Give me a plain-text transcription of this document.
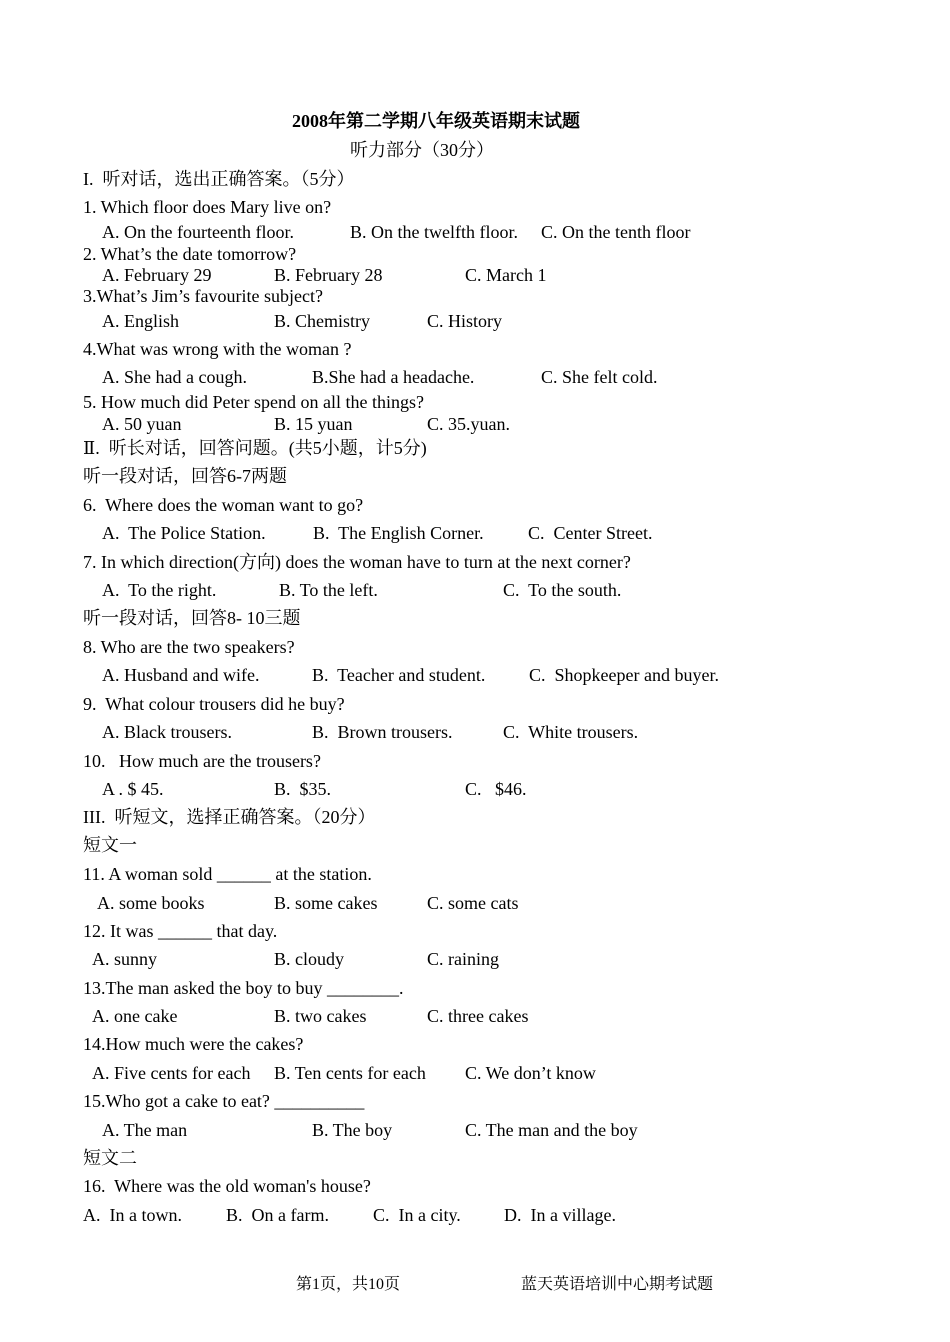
2008年第二学期八年级英语期末试题
听力部分（30分）
I.  听对话，选出正确答案。（5分）
1. Which floor does Mary live on?
A. On the fourteenth floor.	B. On the twelfth floor. C. On the tenth floor
2. What’s the date tomorrow?
A. February 29	B. February 28	C. March 1
3.What’s Jim’s favourite subject?
A. English	B. Chemistry	C. History
4.What was wrong with the woman ?
A. She had a cough.	B.She had a headache.	C. She felt cold.
5. How much did Peter spend on all the things?
A. 50 yuan	B. 15 yuan	C. 35.yuan.
Ⅱ.  听长对话，回答问题。(共5小题，计5分)
听一段对话，回答6-7两题
6.  Where does the woman want to go?
A.  The Police Station.	B.  The English Corner. C.  Center Street.
7. In which direction(方向) does the woman have to turn at the next corner?
A.  To the right.	B. To the left.	C.  To the south.
听一段对话，回答8- 10三题
8. Who are the two speakers?
A. Husband and wife.	B.  Teacher and student. C.  Shopkeeper and buyer.
9.  What colour trousers did he buy?
A. Black trousers.	B.  Brown trousers.	C.  White trousers.
10.   How much are the trousers?
A . $ 45.	B.  $35.	C.   $46.
III.  听短文，选择正确答案。（20分）
短文一
11. A woman sold ______ at the station.
A. some books	B. some cakes	C. some cats
12. It was ______ that day.
A. sunny	B. cloudy	C. raining
13.The man asked the boy to buy ________.
A. one cake	B. two cakes	C. three cakes
14.How much were the cakes?
A. Five cents for each B. Ten cents for each C. We don’t know
15.Who got a cake to eat? __________
A. The man	B. The boy	C. The man and the boy
短文二
16.  Where was the old woman's house?
A.  In a town. B.  On a farm. C.  In a city. D.  In a village.
第1页，共10页	蓝天英语培训中心期考试题
